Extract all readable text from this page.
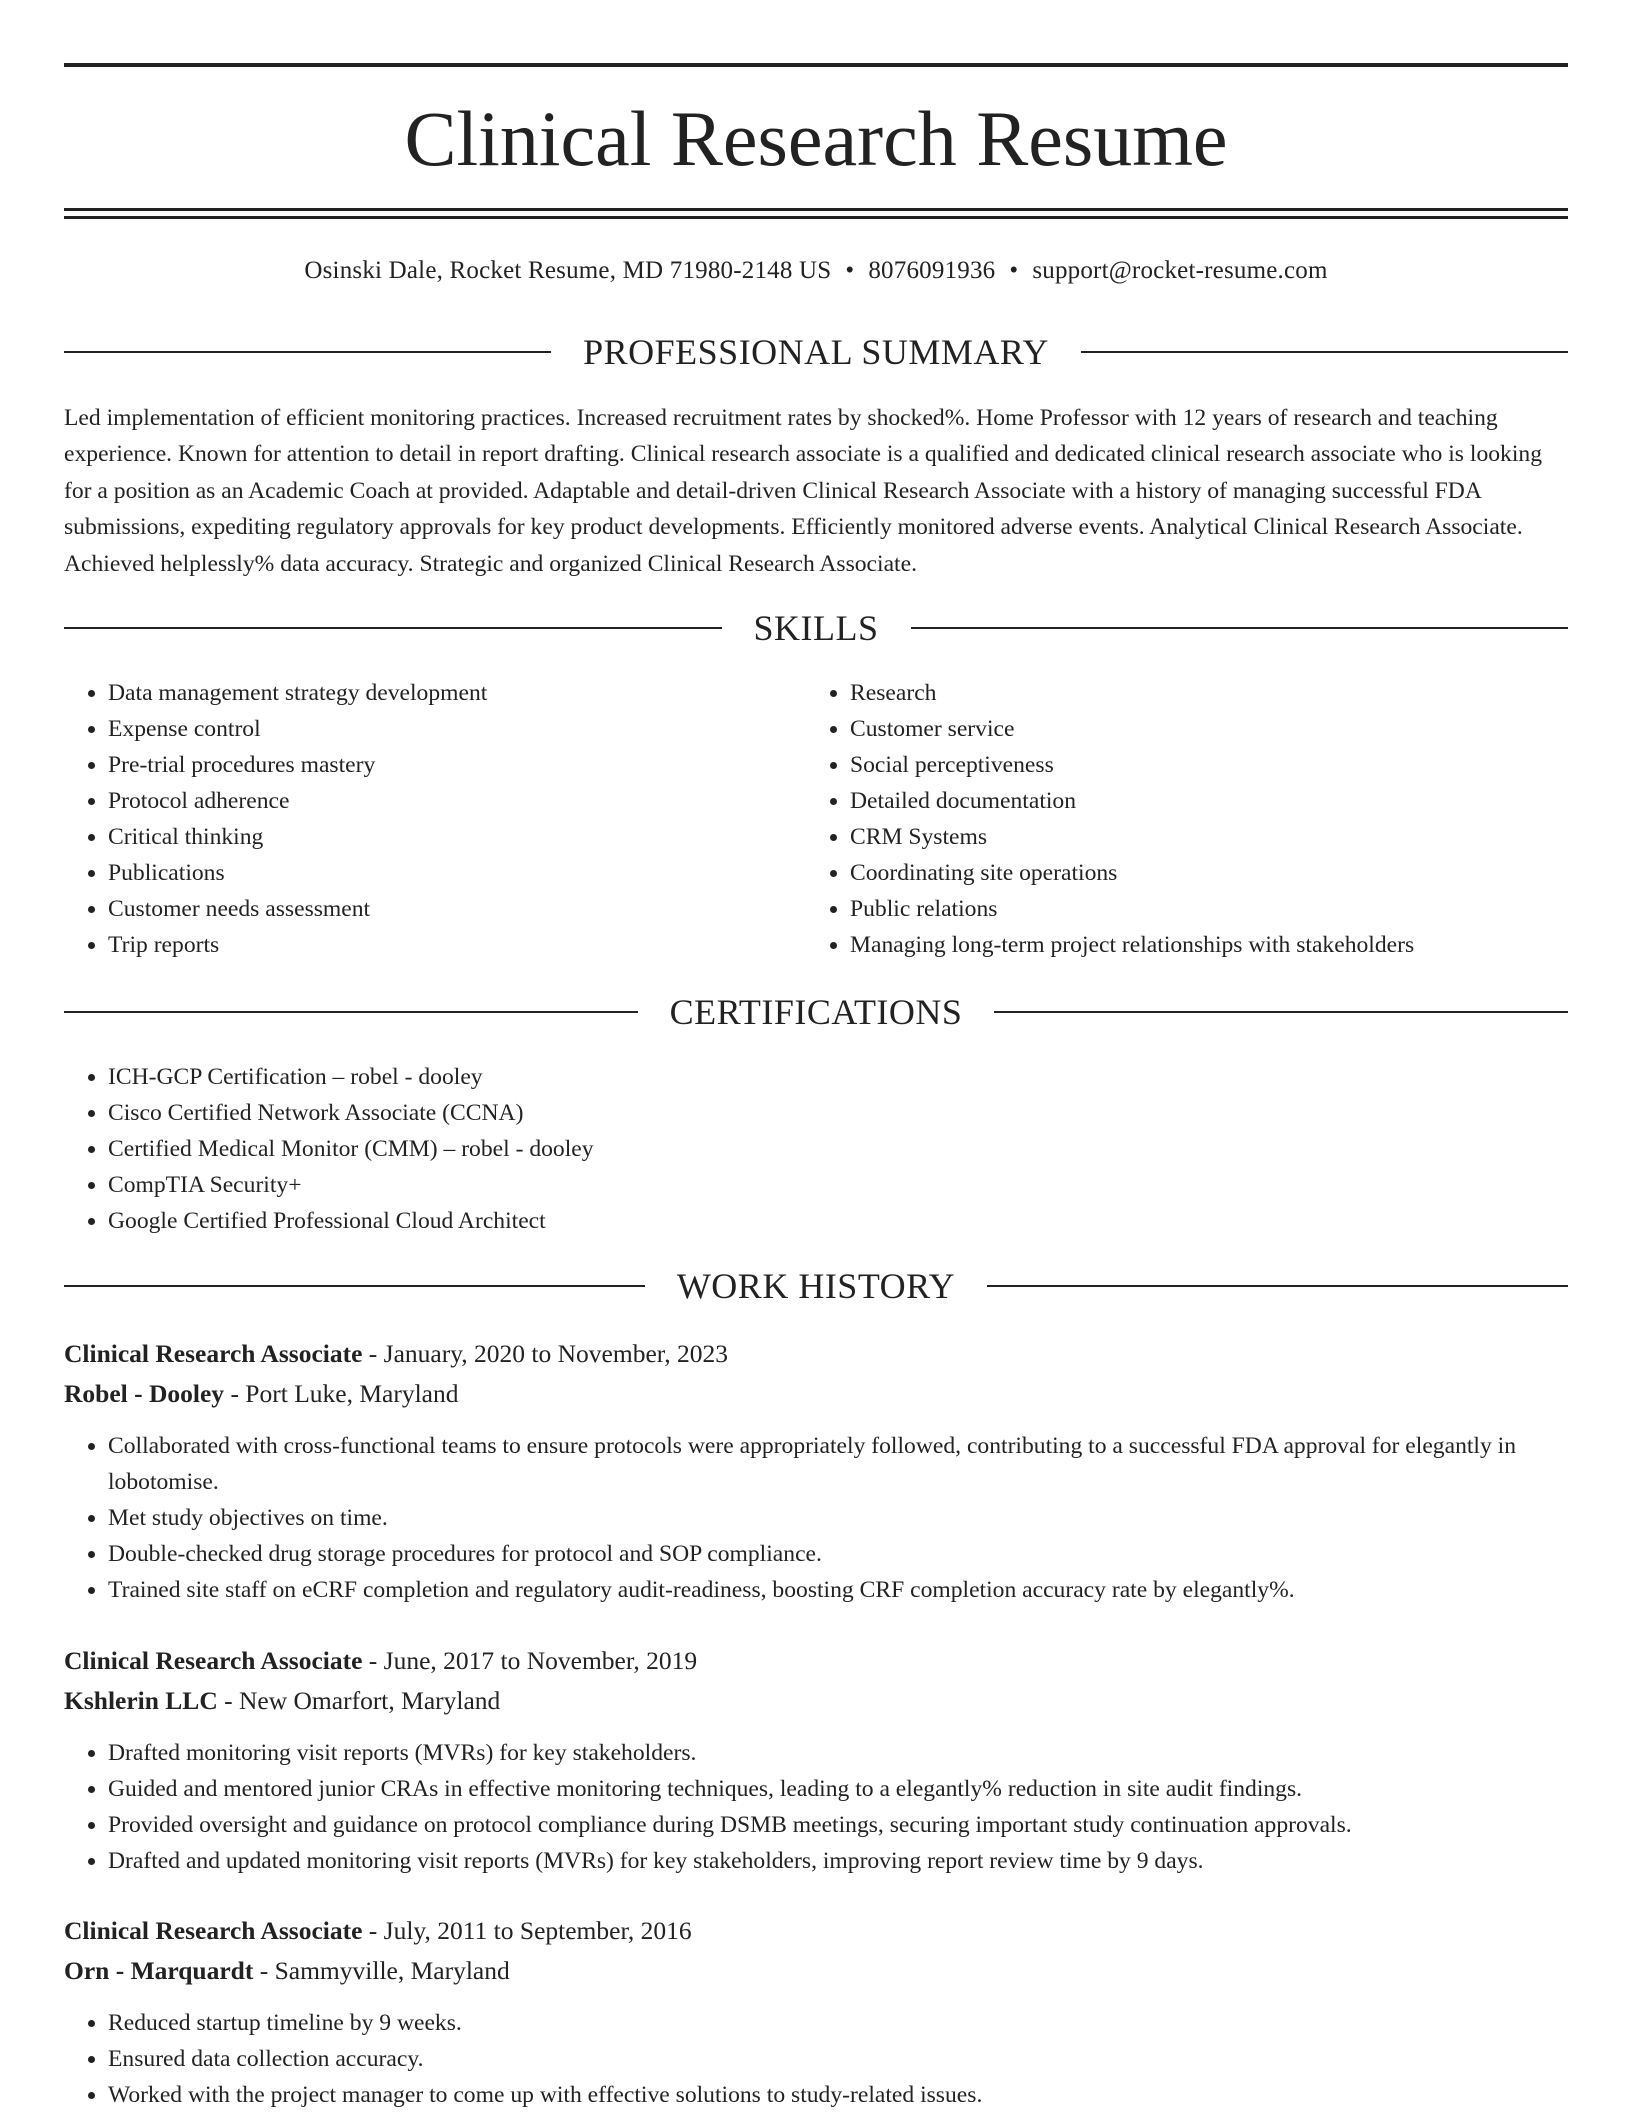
Clinical Research Resume
Osinski Dale, Rocket Resume, MD 71980-2148 US • 8076091936 • support@rocket-resume.com
PROFESSIONAL SUMMARY

Led implementation of efficient monitoring practices. Increased recruitment rates by shocked%. Home Professor with 12 years of research and teaching experience. Known for attention to detail in report drafting. Clinical research associate is a qualified and dedicated clinical research associate who is looking for a position as an Academic Coach at provided. Adaptable and detail-driven Clinical Research Associate with a history of managing successful FDA submissions, expediting regulatory approvals for key product developments. Efficiently monitored adverse events. Analytical Clinical Research Associate. Achieved helplessly% data accuracy. Strategic and organized Clinical Research Associate.

SKILLS
• Data management strategy development
• Expense control
• Pre-trial procedures mastery
• Protocol adherence
• Critical thinking
• Publications
• Customer needs assessment
• Trip reports
• Research
• Customer service
• Social perceptiveness
• Detailed documentation
• CRM Systems
• Coordinating site operations
• Public relations
• Managing long-term project relationships with stakeholders
CERTIFICATIONS
• ICH-GCP Certification – robel - dooley
• Cisco Certified Network Associate (CCNA)
• Certified Medical Monitor (CMM) – robel - dooley
• CompTIA Security+
• Google Certified Professional Cloud Architect
WORK HISTORY

Clinical Research Associate - January, 2020 to November, 2023

Robel - Dooley - Port Luke, Maryland

• Collaborated with cross-functional teams to ensure protocols were appropriately followed, contributing to a successful FDA approval for elegantly in lobotomise.
• Met study objectives on time.
• Double-checked drug storage procedures for protocol and SOP compliance.
• Trained site staff on eCRF completion and regulatory audit-readiness, boosting CRF completion accuracy rate by elegantly%.

Clinical Research Associate - June, 2017 to November, 2019

Kshlerin LLC - New Omarfort, Maryland

• Drafted monitoring visit reports (MVRs) for key stakeholders.
• Guided and mentored junior CRAs in effective monitoring techniques, leading to a elegantly% reduction in site audit findings.
• Provided oversight and guidance on protocol compliance during DSMB meetings, securing important study continuation approvals.
• Drafted and updated monitoring visit reports (MVRs) for key stakeholders, improving report review time by 9 days.

Clinical Research Associate - July, 2011 to September, 2016

Orn - Marquardt - Sammyville, Maryland

• Reduced startup timeline by 9 weeks.
• Ensured data collection accuracy.
• Worked with the project manager to come up with effective solutions to study-related issues.
